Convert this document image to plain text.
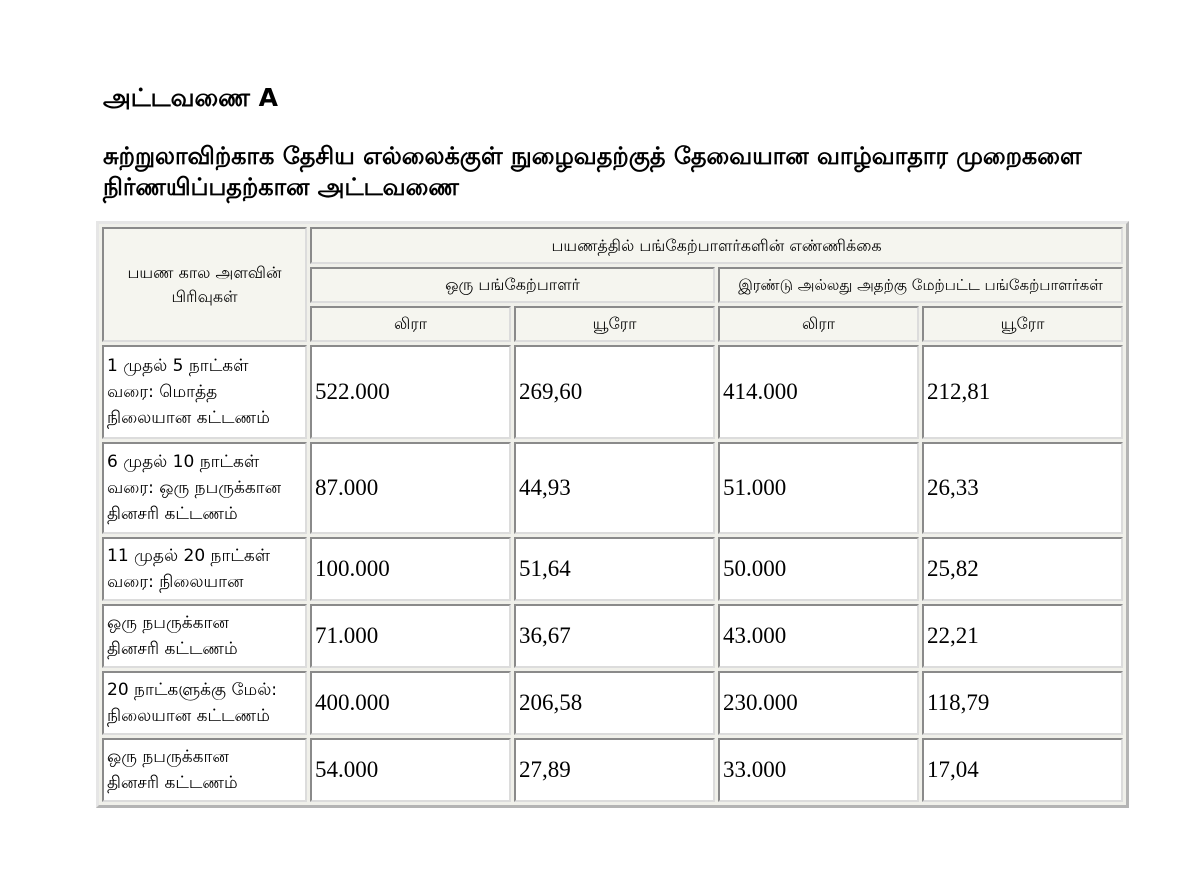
அட்டவணை A
சுற்றுலாவிற்காக தேசிய எல்லைக்குள் நுழைவதற்குத் தேவையான வாழ்வாதார முறைகளை நிர்ணயிப்பதற்கான அட்டவணை
பயண கால அளவின் பிரிவுகள்	பயணத்தில் பங்கேற்பாளர்களின் எண்ணிக்கை			
	ஒரு பங்கேற்பாளர்		இரண்டு அல்லது அதற்கு மேற்பட்ட பங்கேற்பாளர்கள்	
	லிரா	யூரோ	லிரா	யூரோ

1 முதல் 5 நாட்கள்
வரை: மொத்த
நிலையான கட்டணம்	522.000	269,60	414.000	212,81

6 முதல் 10 நாட்கள்
வரை: ஒரு நபருக்கான
தினசரி கட்டணம்	87.000	44,93	51.000	26,33

11 முதல் 20 நாட்கள்
வரை: நிலையான	100.000	51,64	50.000	25,82

ஒரு நபருக்கான
தினசரி கட்டணம்	71.000	36,67	43.000	22,21

20 நாட்களுக்கு மேல்:
நிலையான கட்டணம்	400.000	206,58	230.000	118,79

ஒரு நபருக்கான
தினசரி கட்டணம்	54.000	27,89	33.000	17,04
